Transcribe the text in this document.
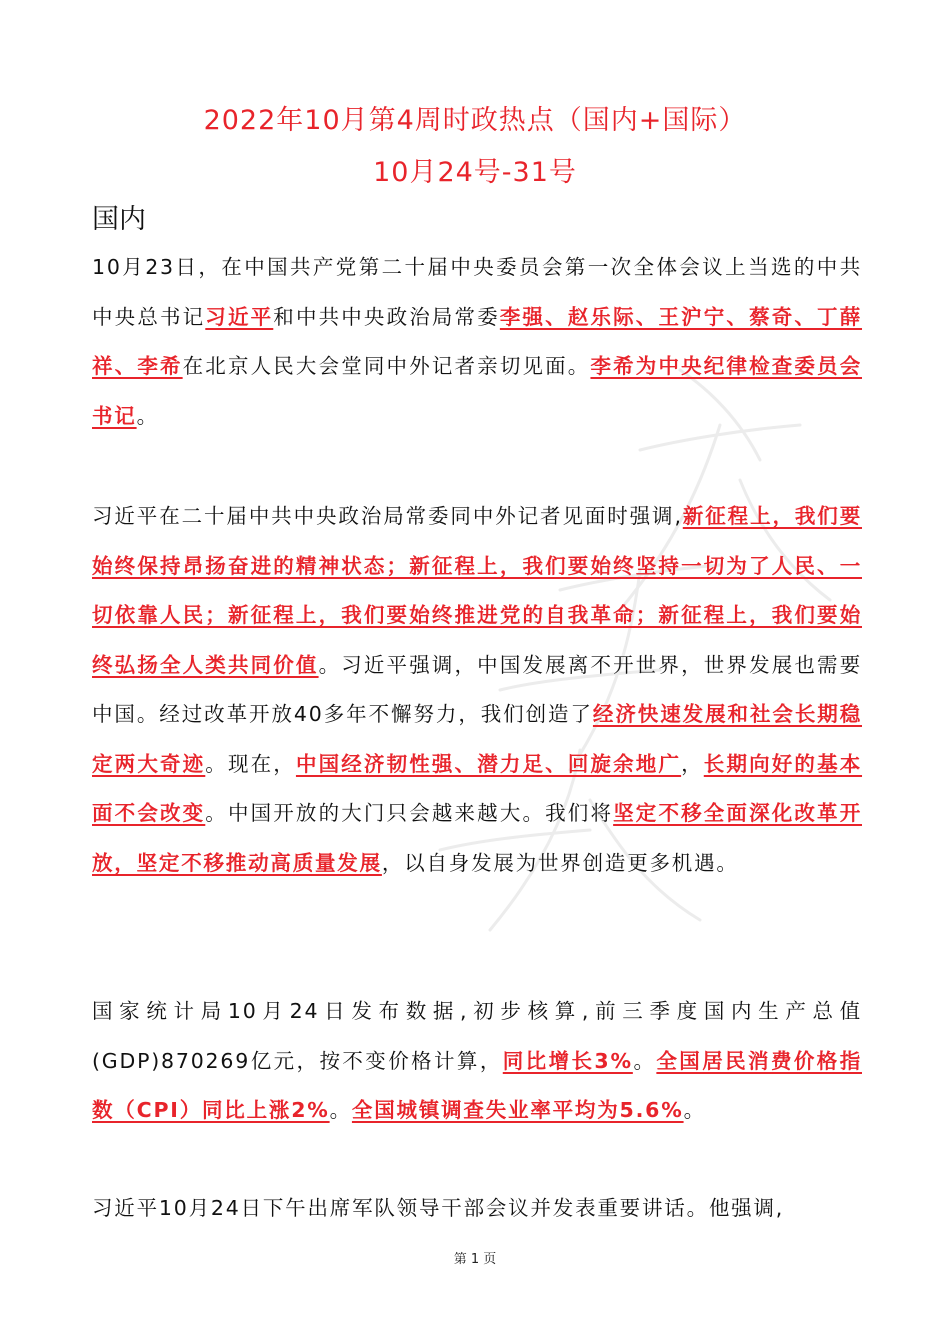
2022年10月第4周时政热点（国内+国际）
10月24号-31号
国内
10月23日，在中国共产党第二十届中央委员会第一次全体会议上当选的中共中央总书记习近平和中共中央政治局常委李强、赵乐际、王沪宁、蔡奇、丁薛祥、李希在北京人民大会堂同中外记者亲切见面。李希为中央纪律检查委员会书记。
习近平在二十届中共中央政治局常委同中外记者见面时强调,新征程上，我们要始终保持昂扬奋进的精神状态；新征程上，我们要始终坚持一切为了人民、一切依靠人民；新征程上，我们要始终推进党的自我革命；新征程上，我们要始终弘扬全人类共同价值。习近平强调，中国发展离不开世界，世界发展也需要中国。经过改革开放40多年不懈努力，我们创造了经济快速发展和社会长期稳定两大奇迹。现在，中国经济韧性强、潜力足、回旋余地广，长期向好的基本面不会改变。中国开放的大门只会越来越大。我们将坚定不移全面深化改革开放，坚定不移推动高质量发展，以自身发展为世界创造更多机遇。
国家统计局10月24日发布数据,初步核算,前三季度国内生产总值(GDP)870269亿元，按不变价格计算，同比增长3%。全国居民消费价格指数（CPI）同比上涨2%。全国城镇调查失业率平均为5.6%。
习近平10月24日下午出席军队领导干部会议并发表重要讲话。他强调,
第 1 页
